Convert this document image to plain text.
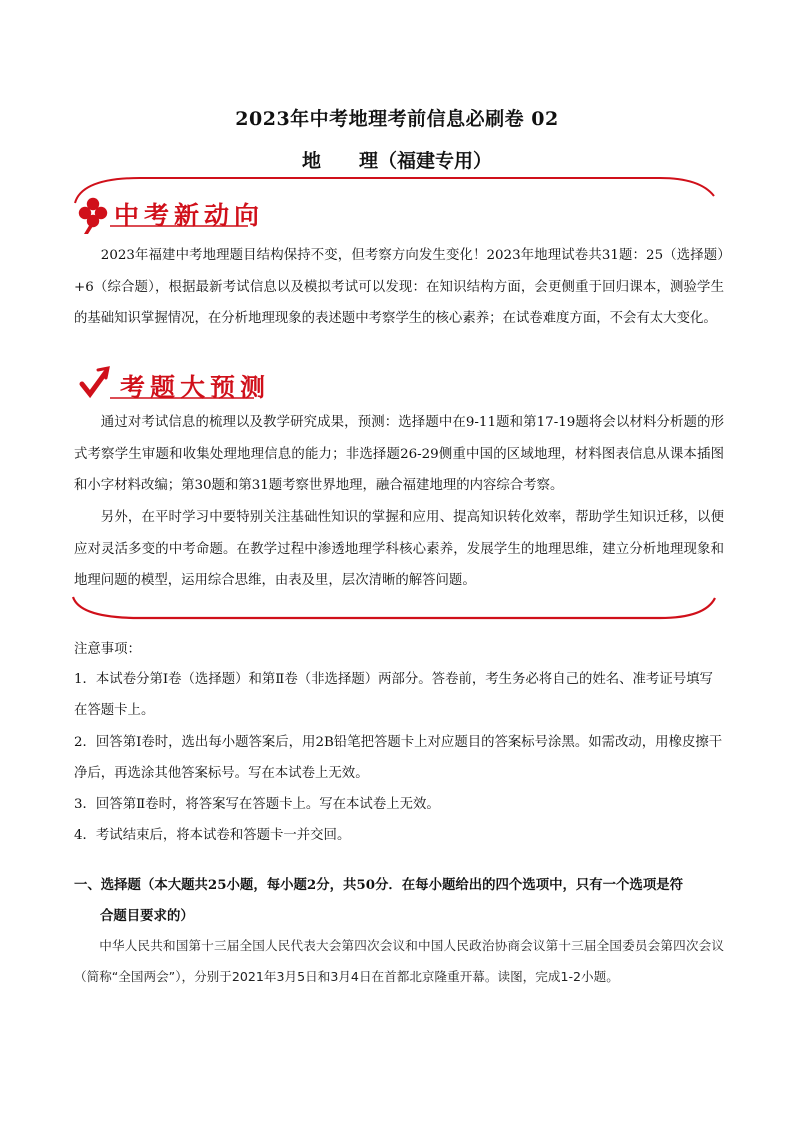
2023年中考地理考前信息必刷卷 02
地　　理（福建专用）
中考新动向

2023年福建中考地理题目结构保持不变，但考察方向发生变化！2023年地理试卷共31题：25（选择题）+6（综合题），根据最新考试信息以及模拟考试可以发现：在知识结构方面，会更侧重于回归课本，测验学生的基础知识掌握情况，在分析地理现象的表述题中考察学生的核心素养；在试卷难度方面，不会有太大变化。

考题大预测

通过对考试信息的梳理以及教学研究成果，预测：选择题中在9-11题和第17-19题将会以材料分析题的形式考察学生审题和收集处理地理信息的能力；非选择题26-29侧重中国的区域地理，材料图表信息从课本插图和小字材料改编；第30题和第31题考察世界地理，融合福建地理的内容综合考察。

另外，在平时学习中要特别关注基础性知识的掌握和应用、提高知识转化效率，帮助学生知识迁移，以便应对灵活多变的中考命题。在教学过程中渗透地理学科核心素养，发展学生的地理思维，建立分析地理现象和地理问题的模型，运用综合思维，由表及里，层次清晰的解答问题。

注意事项：

1．本试卷分第Ⅰ卷（选择题）和第Ⅱ卷（非选择题）两部分。答卷前，考生务必将自己的姓名、准考证号填写在答题卡上。

2．回答第Ⅰ卷时，选出每小题答案后，用2B铅笔把答题卡上对应题目的答案标号涂黑。如需改动，用橡皮擦干净后，再选涂其他答案标号。写在本试卷上无效。

3．回答第Ⅱ卷时，将答案写在答题卡上。写在本试卷上无效。

4．考试结束后，将本试卷和答题卡一并交回。

一、选择题（本大题共25小题，每小题2分，共50分．在每小题给出的四个选项中，只有一个选项是符
合题目要求的）

中华人民共和国第十三届全国人民代表大会第四次会议和中国人民政治协商会议第十三届全国委员会第四次会议（简称“全国两会”），分别于2021年3月5日和3月4日在首都北京隆重开幕。读图，完成1-2小题。
